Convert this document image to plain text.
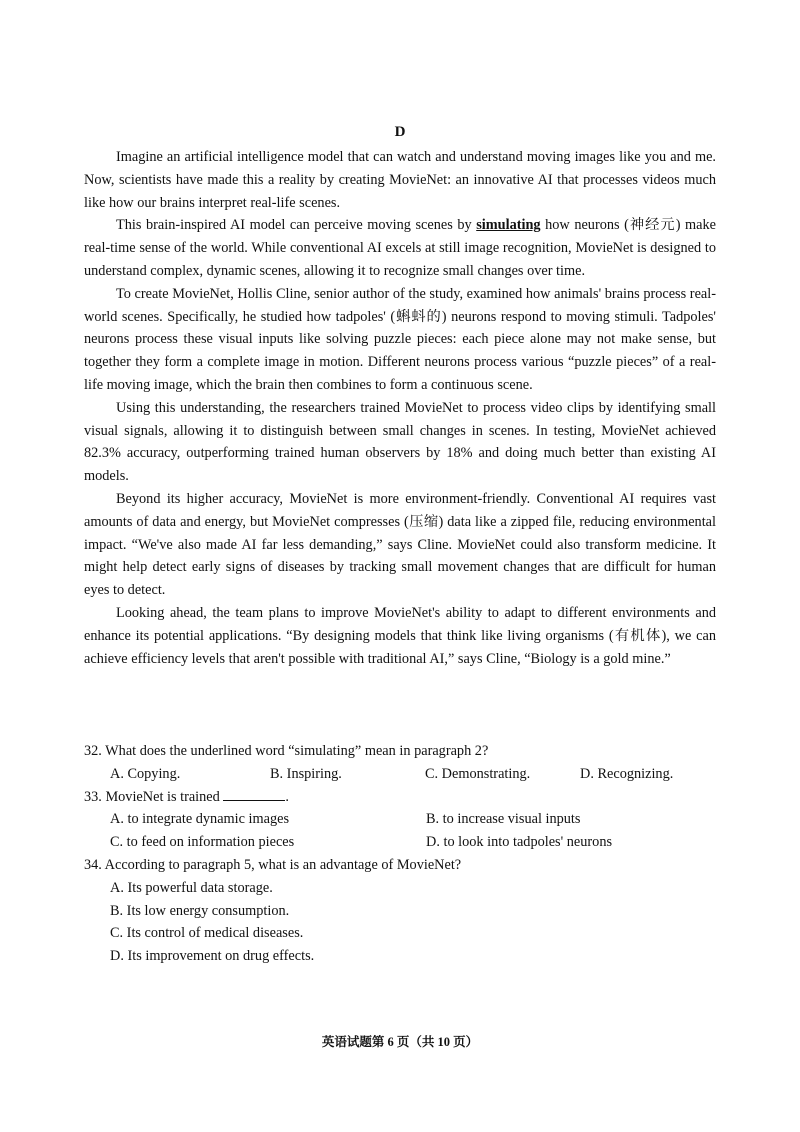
D

Imagine an artificial intelligence model that can watch and understand moving images like you and me. Now, scientists have made this a reality by creating MovieNet: an innovative AI that processes videos much like how our brains interpret real-life scenes.

This brain-inspired AI model can perceive moving scenes by simulating how neurons (神经元) make real-time sense of the world. While conventional AI excels at still image recognition, MovieNet is designed to understand complex, dynamic scenes, allowing it to recognize small changes over time.

To create MovieNet, Hollis Cline, senior author of the study, examined how animals' brains process real-world scenes. Specifically, he studied how tadpoles' (蝌蚪的) neurons respond to moving stimuli. Tadpoles' neurons process these visual inputs like solving puzzle pieces: each piece alone may not make sense, but together they form a complete image in motion. Different neurons process various “puzzle pieces” of a real-life moving image, which the brain then combines to form a continuous scene.

Using this understanding, the researchers trained MovieNet to process video clips by identifying small visual signals, allowing it to distinguish between small changes in scenes. In testing, MovieNet achieved 82.3% accuracy, outperforming trained human observers by 18% and doing much better than existing AI models.

Beyond its higher accuracy, MovieNet is more environment-friendly. Conventional AI requires vast amounts of data and energy, but MovieNet compresses (压缩) data like a zipped file, reducing environmental impact. “We've also made AI far less demanding,” says Cline. MovieNet could also transform medicine. It might help detect early signs of diseases by tracking small movement changes that are difficult for human eyes to detect.

Looking ahead, the team plans to improve MovieNet's ability to adapt to different environments and enhance its potential applications. “By designing models that think like living organisms (有机体), we can achieve efficiency levels that aren't possible with traditional AI,” says Cline, “Biology is a gold mine.”

32. What does the underlined word “simulating” mean in paragraph 2?

A. Copying.	B. Inspiring.	C. Demonstrating.	D. Recognizing.

33. MovieNet is trained	.

A. to integrate dynamic images	B. to increase visual inputs
C. to feed on information pieces	D. to look into tadpoles' neurons

34. According to paragraph 5, what is an advantage of MovieNet?

A. Its powerful data storage.
B. Its low energy consumption.
C. Its control of medical diseases.
D. Its improvement on drug effects.
英语试题第 6 页（共 10 页）
